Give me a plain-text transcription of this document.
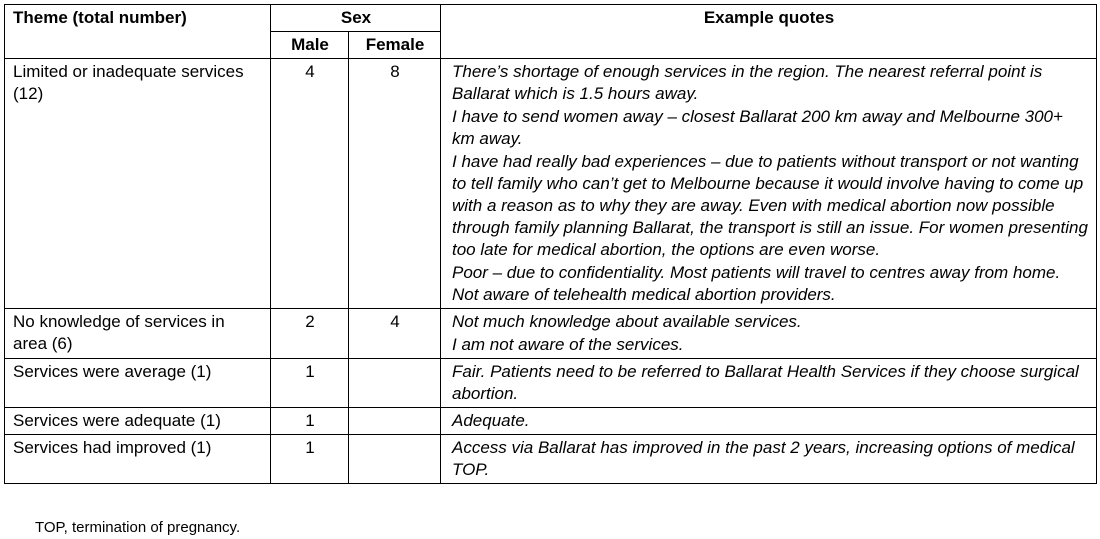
Theme (total number)	Sex		Example quotes
	Male	Female	
Limited or inadequate services (12)	4	8	There’s shortage of enough services in the region. The nearest referral point is Ballarat which is 1.5 hours away.
I have to send women away – closest Ballarat 200 km away and Melbourne 300+ km away.
I have had really bad experiences – due to patients without transport or not wanting to tell family who can’t get to Melbourne because it would involve having to come up with a reason as to why they are away. Even with medical abortion now possible through family planning Ballarat, the transport is still an issue. For women presenting too late for medical abortion, the options are even worse.
Poor – due to confidentiality. Most patients will travel to centres away from home. Not aware of telehealth medical abortion providers.

No knowledge of services in area (6)	2	4	Not much knowledge about available services.
I am not aware of the services.

Services were average (1)	1		Fair. Patients need to be referred to Ballarat Health Services if they choose surgical abortion.

Services were adequate (1)	1		Adequate.

Services had improved (1)	1		Access via Ballarat has improved in the past 2 years, increasing options of medical TOP.
TOP, termination of pregnancy.
